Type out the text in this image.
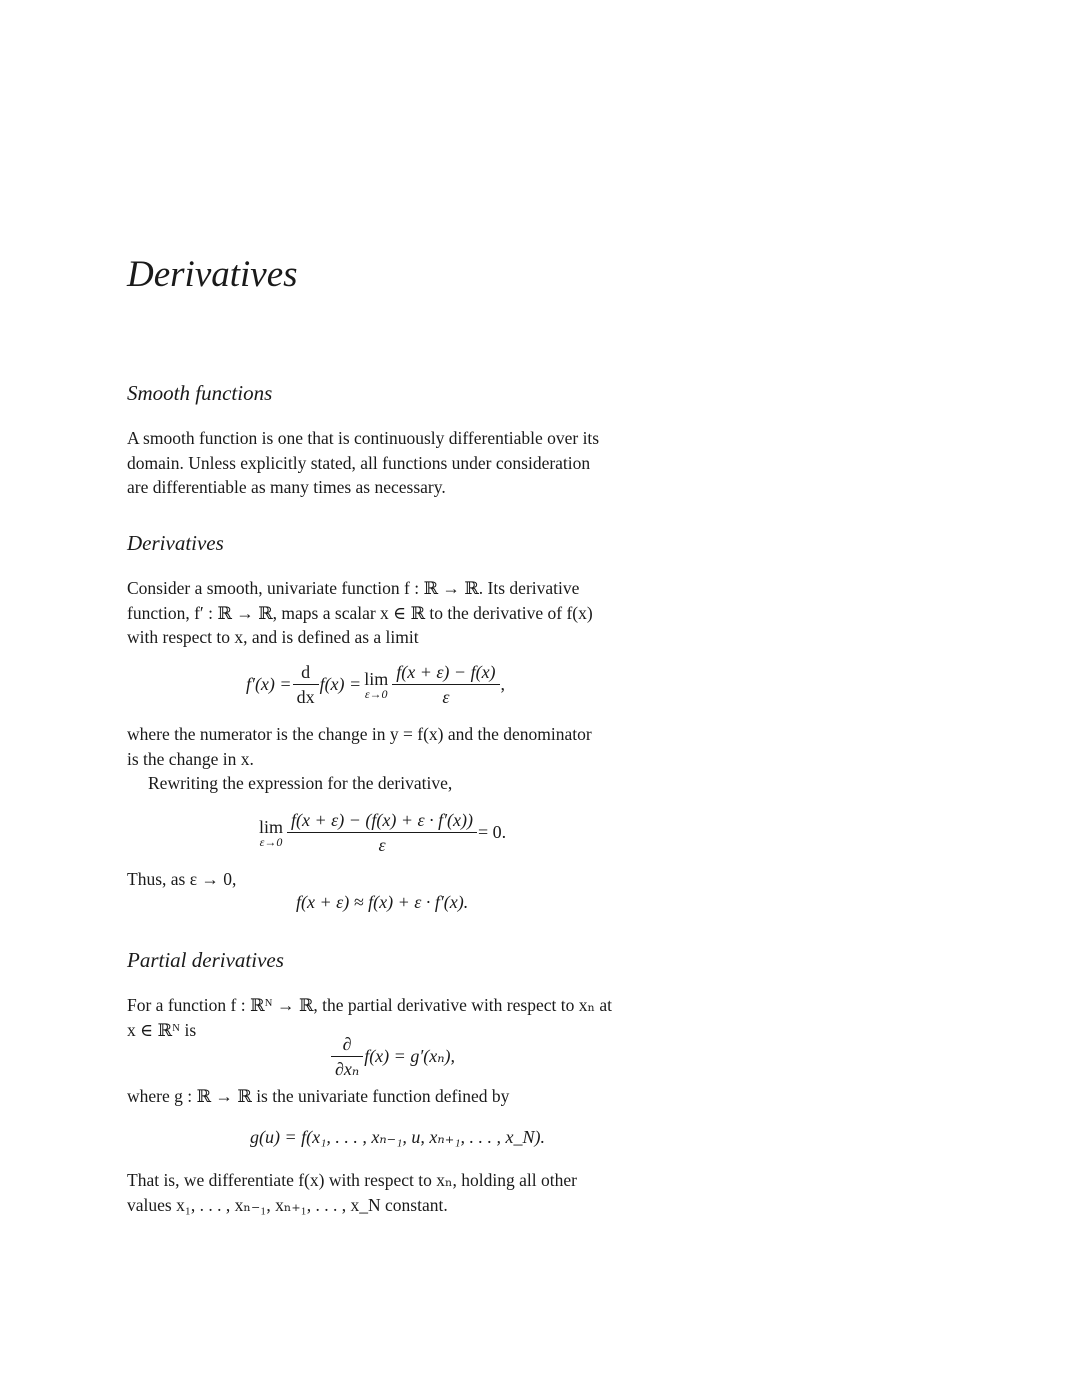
Derivatives
Smooth functions

A smooth function is one that is continuously differentiable over its
domain. Unless explicitly stated, all functions under consideration
are differentiable as many times as necessary.

Derivatives

Consider a smooth, univariate function f : ℝ → ℝ. Its derivative
function, f′ : ℝ → ℝ, maps a scalar x ∈ ℝ to the derivative of f(x)
with respect to x, and is defined as a limit

$f'(x) = \frac{d}{dx} f(x) = \lim$
$\varepsilon\to 0 \frac{f(x + \varepsilon) - f(x)}{\varepsilon}$ ,

where the numerator is the change in y = f(x) and the denominator
is the change in x.
Rewriting the expression for the derivative,

lim
$\varepsilon\to 0 \frac{f(x + \varepsilon) - (f(x) + \varepsilon \cdot f'(x))}{\varepsilon} = 0$.

Thus, as ε → 0,

f(x + ε) ≈ f(x) + ε · f′(x).
Partial derivatives

For a function f : ℝᴺ → ℝ, the partial derivative with respect to xₙ at
x ∈ ℝᴺ is

$\frac{\partial}{\text{∂xₙ}} f(x) = g'(x_n)$,

where g : ℝ → ℝ is the univariate function defined by

g(u) = f(x₁, . . . , xₙ₋₁, u, xₙ₊₁, . . . , x_N).

That is, we differentiate f(x) with respect to xₙ, holding all other
values x₁, . . . , xₙ₋₁, xₙ₊₁, . . . , x_N constant.
